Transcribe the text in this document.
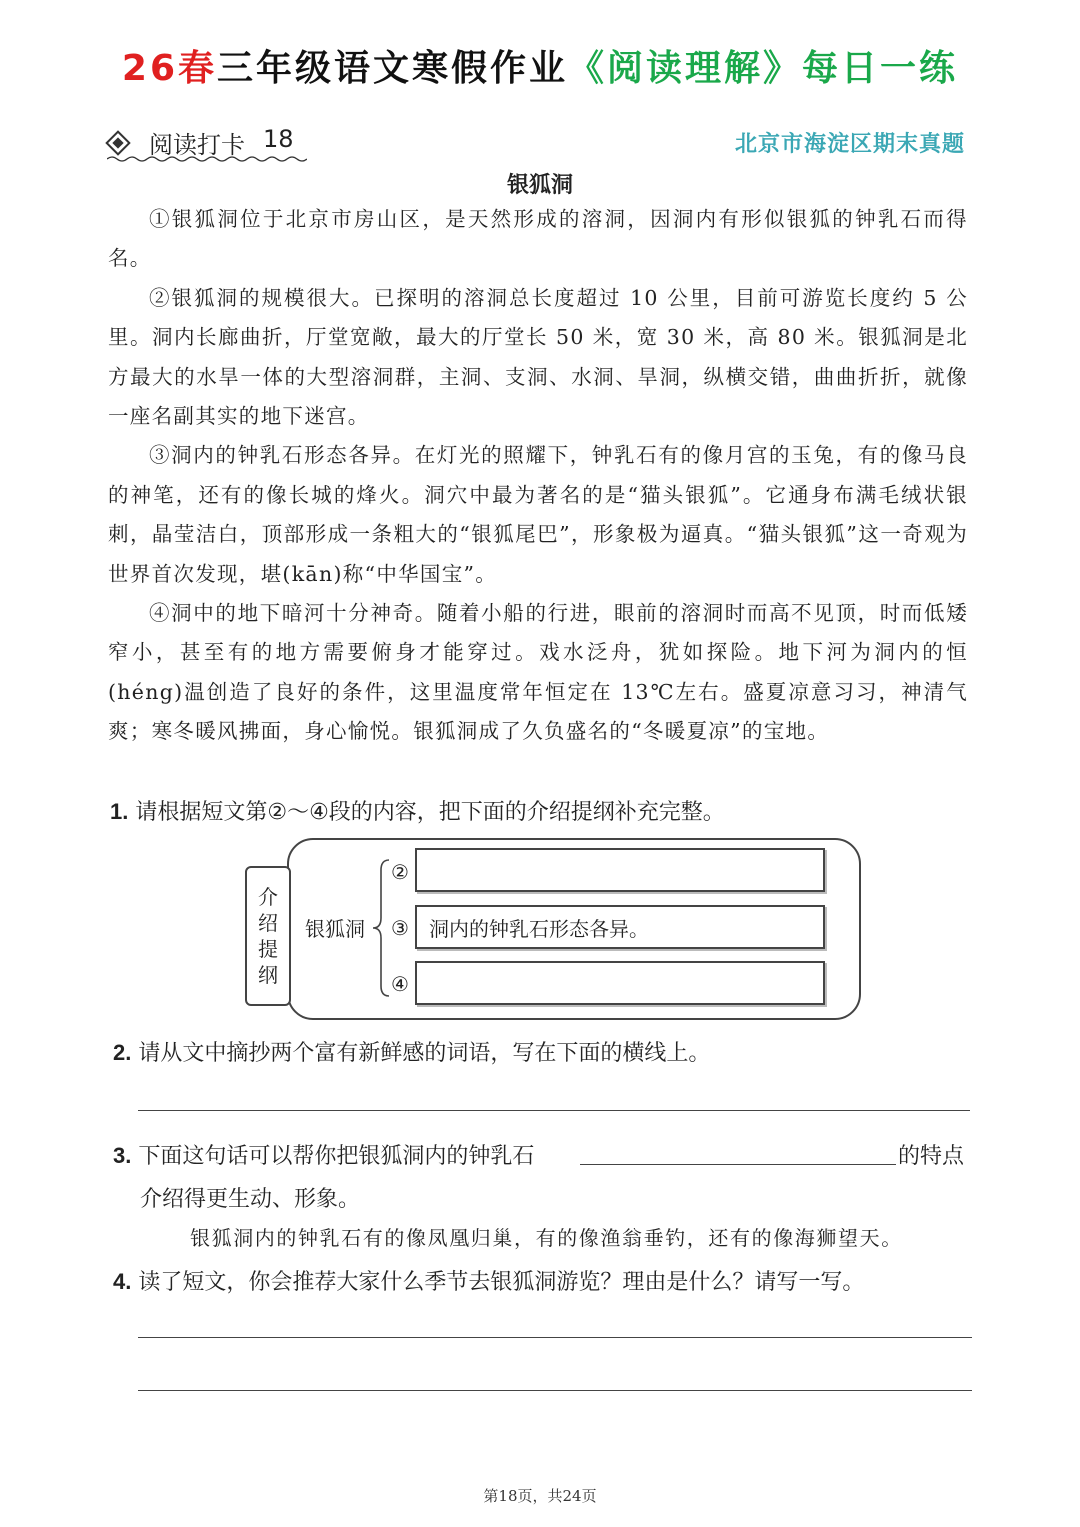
26春三年级语文寒假作业《阅读理解》每日一练
阅读打卡 18	北京市海淀区期末真题
银狐洞

①银狐洞位于北京市房山区，是天然形成的溶洞，因洞内有形似银狐的钟乳石而得名。

②银狐洞的规模很大。已探明的溶洞总长度超过 10 公里，目前可游览长度约 5 公里。洞内长廊曲折，厅堂宽敞，最大的厅堂长 50 米，宽 30 米，高 80 米。银狐洞是北方最大的水旱一体的大型溶洞群，主洞、支洞、水洞、旱洞，纵横交错，曲曲折折，就像一座名副其实的地下迷宫。

③洞内的钟乳石形态各异。在灯光的照耀下，钟乳石有的像月宫的玉兔，有的像马良的神笔，还有的像长城的烽火。洞穴中最为著名的是“猫头银狐”。它通身布满毛绒状银刺，晶莹洁白，顶部形成一条粗大的“银狐尾巴”，形象极为逼真。“猫头银狐”这一奇观为世界首次发现，堪(kān)称“中华国宝”。

④洞中的地下暗河十分神奇。随着小船的行进，眼前的溶洞时而高不见顶，时而低矮窄小，甚至有的地方需要俯身才能穿过。戏水泛舟，犹如探险。地下河为洞内的恒(héng)温创造了良好的条件，这里温度常年恒定在 13℃左右。盛夏凉意习习，神清气爽；寒冬暖风拂面，身心愉悦。银狐洞成了久负盛名的“冬暖夏凉”的宝地。

1. 请根据短文第②～④段的内容，把下面的介绍提纲补充完整。
介
绍
提
纲
银狐洞
②
③	洞内的钟乳石形态各异。
④
2. 请从文中摘抄两个富有新鲜感的词语，写在下面的横线上。
3. 下面这句话可以帮你把银狐洞内的钟乳石	的特点
介绍得更生动、形象。
银狐洞内的钟乳石有的像凤凰归巢，有的像渔翁垂钓，还有的像海狮望天。
4. 读了短文，你会推荐大家什么季节去银狐洞游览？理由是什么？请写一写。
第18页，共24页
